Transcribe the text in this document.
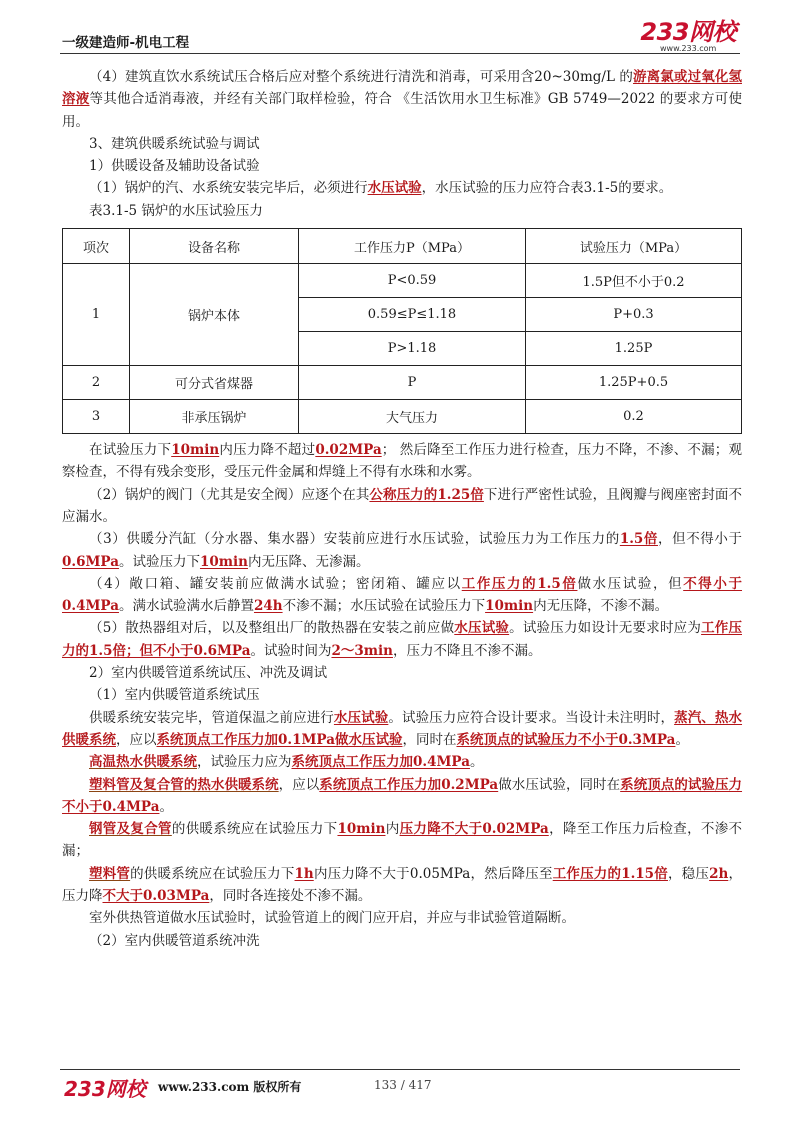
一级建造师-机电工程	233网校
www.233.com

（4）建筑直饮水系统试压合格后应对整个系统进行清洗和消毒，可采用含20~30mg/L 的游离氯或过氧化氢溶液等其他合适消毒液，并经有关部门取样检验，符合 《生活饮用水卫生标准》GB 5749—2022 的要求方可使用。

3、建筑供暖系统试验与调试

1）供暖设备及辅助设备试验

（1）锅炉的汽、水系统安装完毕后，必须进行水压试验，水压试验的压力应符合表3.1-5的要求。

表3.1-5 锅炉的水压试验压力

项次	设备名称	工作压力P（MPa）	试验压力（MPa）
1	锅炉本体	P<0.59	1.5P但不小于0.2
		0.59≤P≤1.18	P+0.3
		P>1.18	1.25P
2	可分式省煤器	P	1.25P+0.5
3	非承压锅炉	大气压力	0.2

在试验压力下10min内压力降不超过0.02MPa； 然后降至工作压力进行检查，压力不降，不渗、不漏；观察检查，不得有残余变形，受压元件金属和焊缝上不得有水珠和水雾。

（2）锅炉的阀门（尤其是安全阀）应逐个在其公称压力的1.25倍下进行严密性试验，且阀瓣与阀座密封面不应漏水。

（3）供暖分汽缸（分水器、集水器）安装前应进行水压试验，试验压力为工作压力的1.5倍，但不得小于0.6MPa。试验压力下10min内无压降、无渗漏。

（4）敞口箱、罐安装前应做满水试验；密闭箱、罐应以工作压力的1.5倍做水压试验，但不得小于0.4MPa。满水试验满水后静置24h不渗不漏；水压试验在试验压力下10min内无压降，不渗不漏。

（5）散热器组对后，以及整组出厂的散热器在安装之前应做水压试验。试验压力如设计无要求时应为工作压力的1.5倍；但不小于0.6MPa。试验时间为2～3min，压力不降且不渗不漏。

2）室内供暖管道系统试压、冲洗及调试

（1）室内供暖管道系统试压

供暖系统安装完毕，管道保温之前应进行水压试验。试验压力应符合设计要求。当设计未注明时，蒸汽、热水供暖系统，应以系统顶点工作压力加0.1MPa做水压试验，同时在系统顶点的试验压力不小于0.3MPa。

高温热水供暖系统，试验压力应为系统顶点工作压力加0.4MPa。

塑料管及复合管的热水供暖系统，应以系统顶点工作压力加0.2MPa做水压试验，同时在系统顶点的试验压力不小于0.4MPa。

钢管及复合管的供暖系统应在试验压力下10min内压力降不大于0.02MPa，降至工作压力后检查，不渗不漏；

塑料管的供暖系统应在试验压力下1h内压力降不大于0.05MPa，然后降压至工作压力的1.15倍，稳压2h，压力降不大于0.03MPa，同时各连接处不渗不漏。

室外供热管道做水压试验时，试验管道上的阀门应开启，并应与非试验管道隔断。

（2）室内供暖管道系统冲洗

233网校 www.233.com 版权所有	133 / 417
